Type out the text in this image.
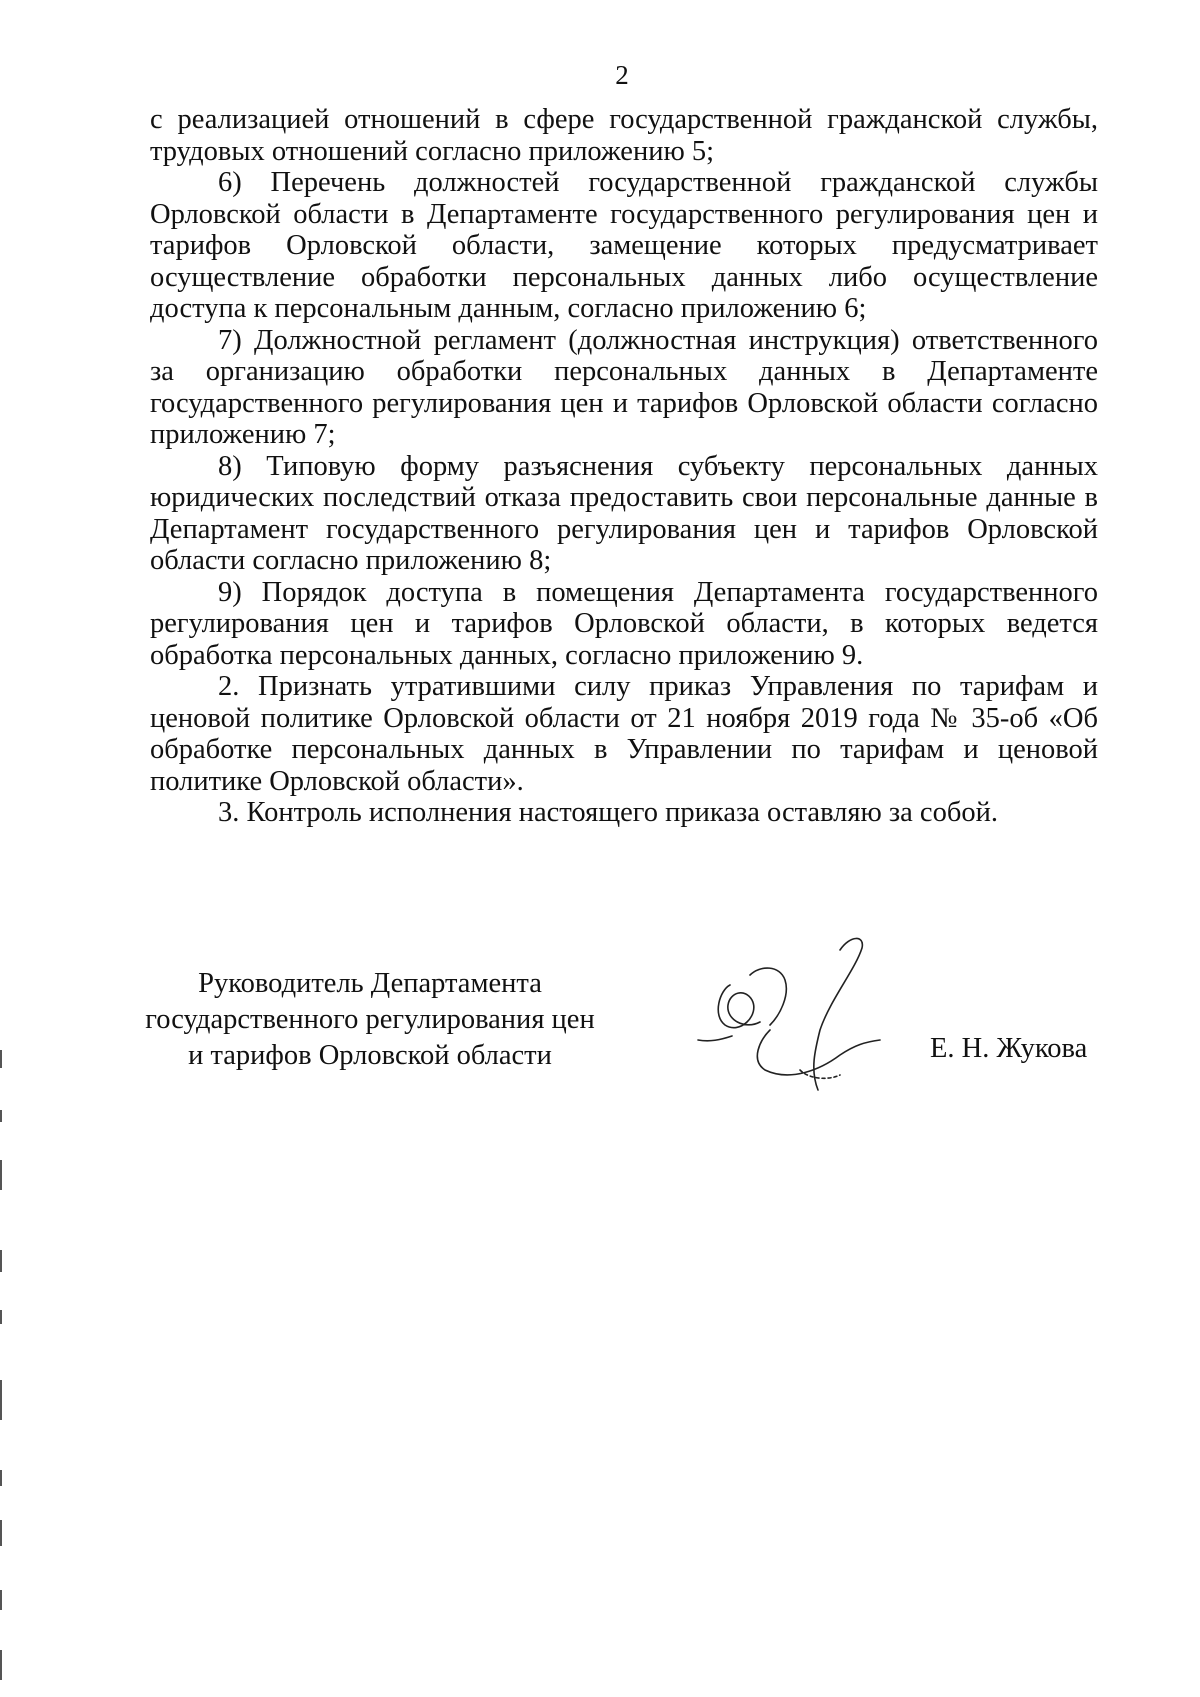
2

с реализацией отношений в сфере государственной гражданской службы, трудовых отношений согласно приложению 5;

6) Перечень должностей государственной гражданской службы Орловской области в Департаменте государственного регулирования цен и тарифов Орловской области, замещение которых предусматривает осуществление обработки персональных данных либо осуществление доступа к персональным данным, согласно приложению 6;

7) Должностной регламент (должностная инструкция) ответственного за организацию обработки персональных данных в Департаменте государственного регулирования цен и тарифов Орловской области согласно приложению 7;

8) Типовую форму разъяснения субъекту персональных данных юридических последствий отказа предоставить свои персональные данные в Департамент государственного регулирования цен и тарифов Орловской области согласно приложению 8;

9) Порядок доступа в помещения Департамента государственного регулирования цен и тарифов Орловской области, в которых ведется обработка персональных данных, согласно приложению 9.

2. Признать утратившими силу приказ Управления по тарифам и ценовой политике Орловской области от 21 ноября 2019 года № 35-об «Об обработке персональных данных в Управлении по тарифам и ценовой политике Орловской области».

3. Контроль исполнения настоящего приказа оставляю за собой.

Руководитель Департамента
государственного регулирования цен
и тарифов Орловской области	Е. Н. Жукова
